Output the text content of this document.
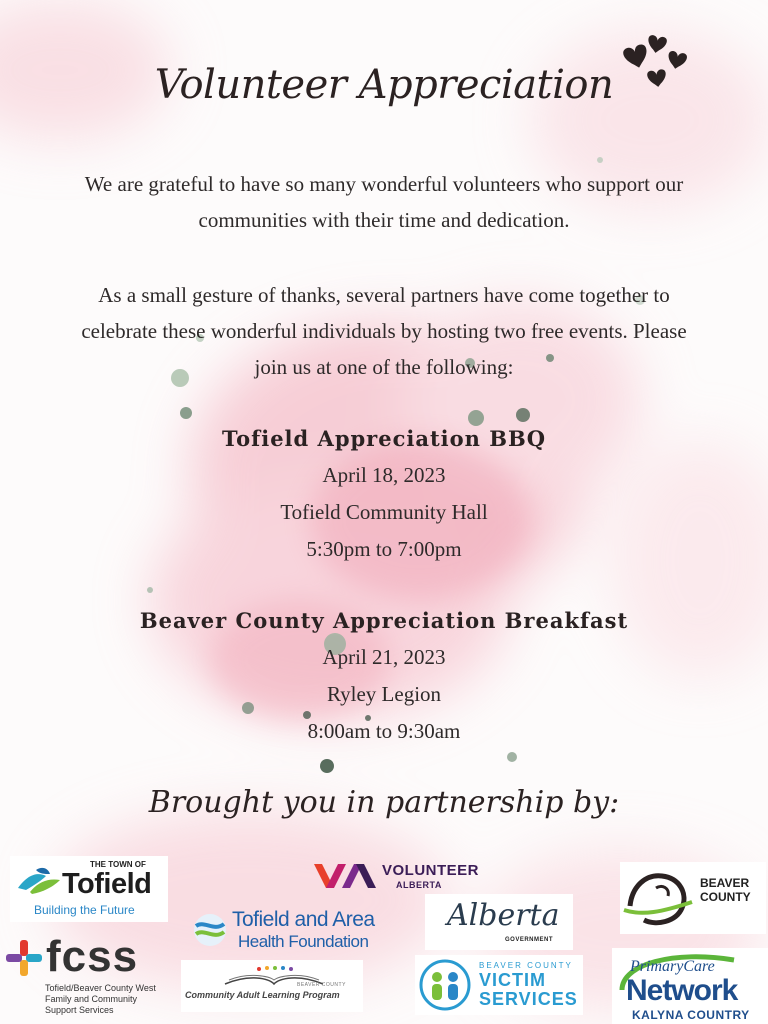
Volunteer Appreciation
We are grateful to have so many wonderful volunteers who support our
communities with their time and dedication.
As a small gesture of thanks, several partners have come together to
celebrate these wonderful individuals by hosting two free events. Please
join us at one of the following:
Tofield Appreciation BBQ
April 18, 2023
Tofield Community Hall
5:30pm to 7:00pm
Beaver County Appreciation Breakfast
April 21, 2023
Ryley Legion
8:00am to 9:30am
Brought you in partnership by:
THE TOWN OF
Tofield
Building the Future
fcss
Tofield/Beaver County West Family and Community Support Services
VOLUNTEER
ALBERTA
Tofield and Area
Health Foundation
Alberta
GOVERNMENT
BEAVER COUNTY
Community Adult Learning Program
BEAVER COUNTY
VICTIM
SERVICES
BEAVER
COUNTY
PrimaryCare
Network
KALYNA COUNTRY
